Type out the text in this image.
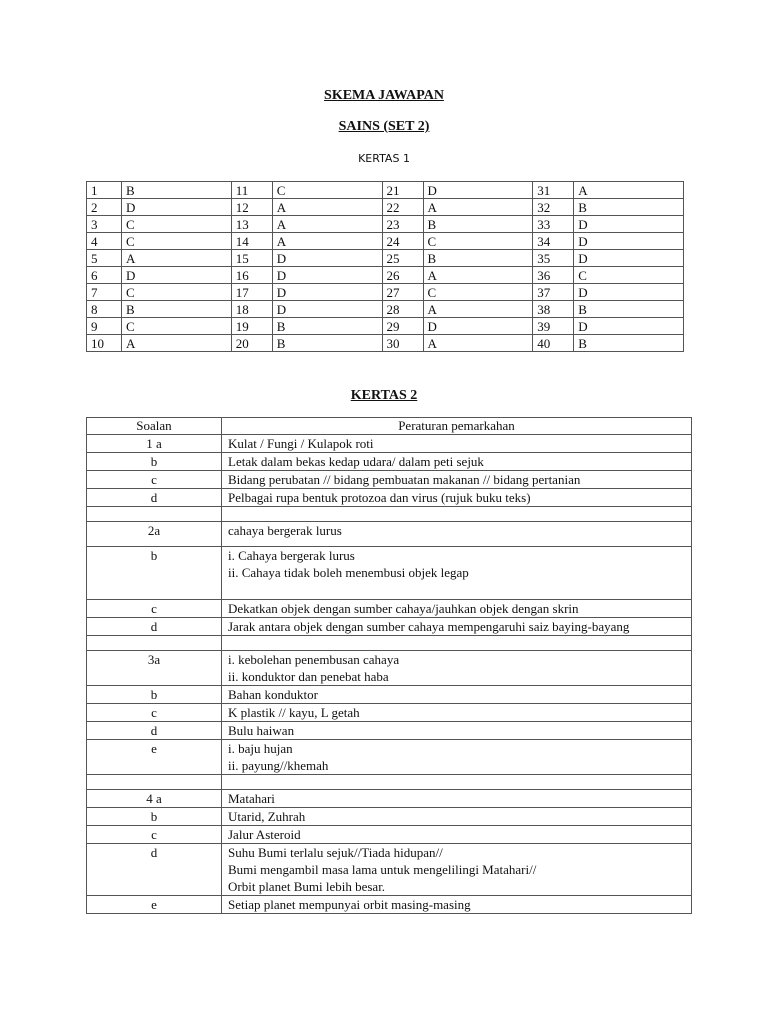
SKEMA JAWAPAN
SAINS (SET 2)
KERTAS 1
1	B	11	C	21	D	31	A
2	D	12	A	22	A	32	B
3	C	13	A	23	B	33	D
4	C	14	A	24	C	34	D
5	A	15	D	25	B	35	D
6	D	16	D	26	A	36	C
7	C	17	D	27	C	37	D
8	B	18	D	28	A	38	B
9	C	19	B	29	D	39	D
10	A	20	B	30	A	40	B
KERTAS 2
Soalan	Peraturan pemarkahan
1 a	Kulat / Fungi / Kulapok roti

b	Letak dalam bekas kedap udara/ dalam peti sejuk

c	Bidang perubatan // bidang pembuatan makanan // bidang pertanian

d	Pelbagai rupa bentuk protozoa dan virus (rujuk buku teks)

2a	cahaya bergerak lurus

b	i. Cahaya bergerak lurus
ii. Cahaya tidak boleh menembusi objek legap

c	Dekatkan objek dengan sumber cahaya/jauhkan objek dengan skrin

d	Jarak antara objek dengan sumber cahaya mempengaruhi saiz baying-bayang

3a	i. kebolehan penembusan cahaya
ii. konduktor dan penebat haba

b	Bahan konduktor

c	K plastik // kayu, L getah

d	Bulu haiwan

e	i. baju hujan
ii. payung//khemah

4 a	Matahari

b	Utarid, Zuhrah

c	Jalur Asteroid

d	Suhu Bumi terlalu sejuk//Tiada hidupan//
Bumi mengambil masa lama untuk mengelilingi Matahari//
Orbit planet Bumi lebih besar.

e	Setiap planet mempunyai orbit masing-masing
